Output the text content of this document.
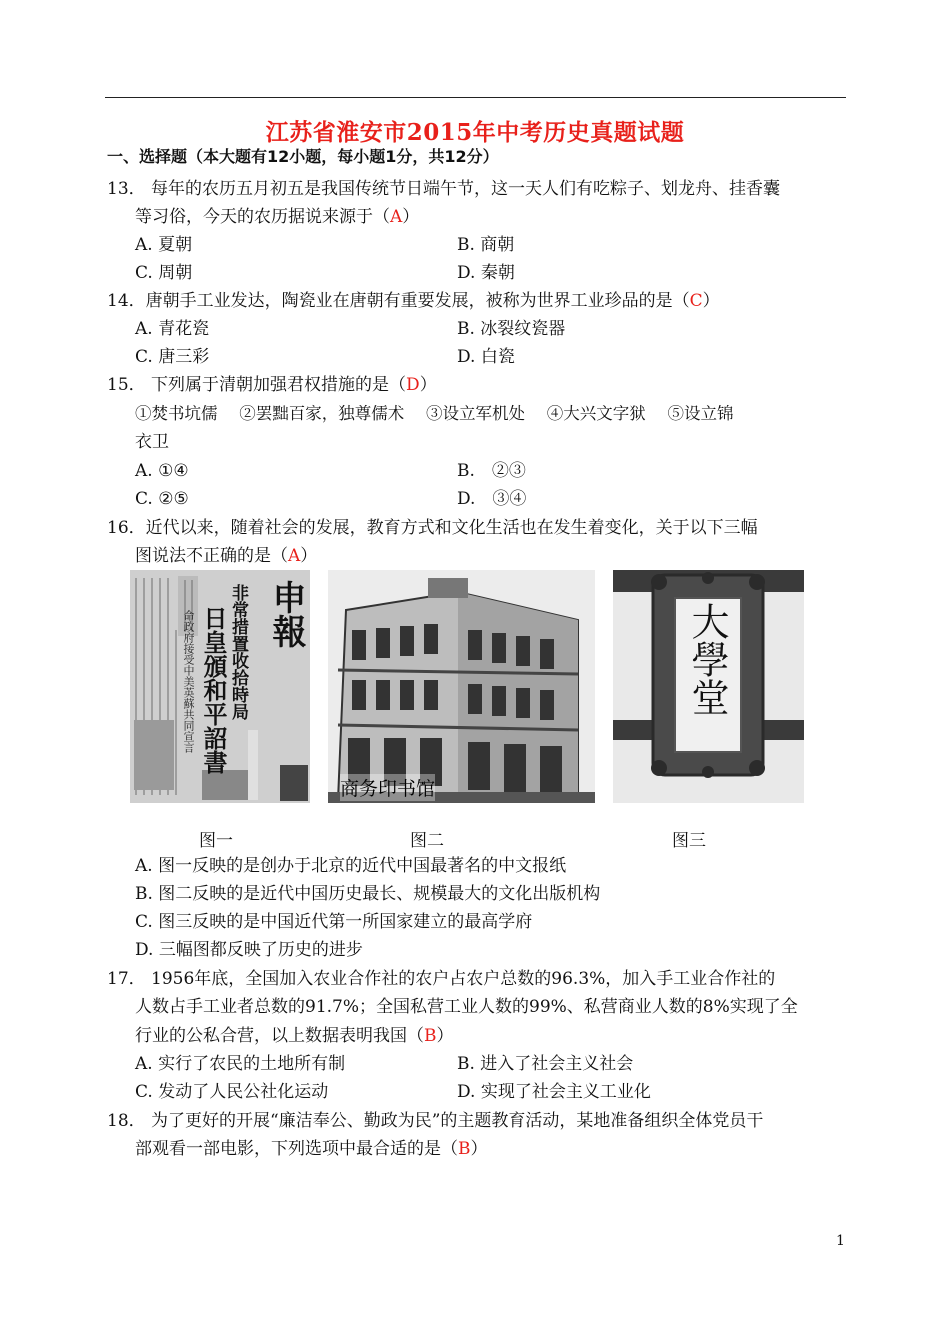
江苏省淮安市2015年中考历史真题试题
一、选择题（本大题有12小题，每小题1分，共12分）
13． 每年的农历五月初五是我国传统节日端午节，这一天人们有吃粽子、划龙舟、挂香囊
等习俗，今天的农历据说来源于（A）
A. 夏朝	B. 商朝
C. 周朝	D. 秦朝
14．唐朝手工业发达，陶瓷业在唐朝有重要发展，被称为世界工业珍品的是（C）
A. 青花瓷	B. 冰裂纹瓷器
C. 唐三彩	D. 白瓷
15． 下列属于清朝加强君权措施的是（D）
①焚书坑儒　 ②罢黜百家，独尊儒术　 ③设立军机处　 ④大兴文字狱　 ⑤设立锦
衣卫
A. ①④	B.　②③
C. ②⑤	D.　③④
16．近代以来，随着社会的发展，教育方式和文化生活也在发生着变化，关于以下三幅
图说法不正确的是（A）
申報
非常措置收拾時局
日皇頒和平詔書
命政府接受中美英蘇共同宣言
商务印书馆
大學堂
图一	图二	图三
A. 图一反映的是创办于北京的近代中国最著名的中文报纸
B. 图二反映的是近代中国历史最长、规模最大的文化出版机构
C. 图三反映的是中国近代第一所国家建立的最高学府
D. 三幅图都反映了历史的进步
17． 1956年底，全国加入农业合作社的农户占农户总数的96.3%，加入手工业合作社的
人数占手工业者总数的91.7%；全国私营工业人数的99%、私营商业人数的8%实现了全
行业的公私合营，以上数据表明我国（B）
A. 实行了农民的土地所有制	B. 进入了社会主义社会
C. 发动了人民公社化运动	D. 实现了社会主义工业化
18． 为了更好的开展“廉洁奉公、勤政为民”的主题教育活动，某地准备组织全体党员干
部观看一部电影，下列选项中最合适的是（B）
1
